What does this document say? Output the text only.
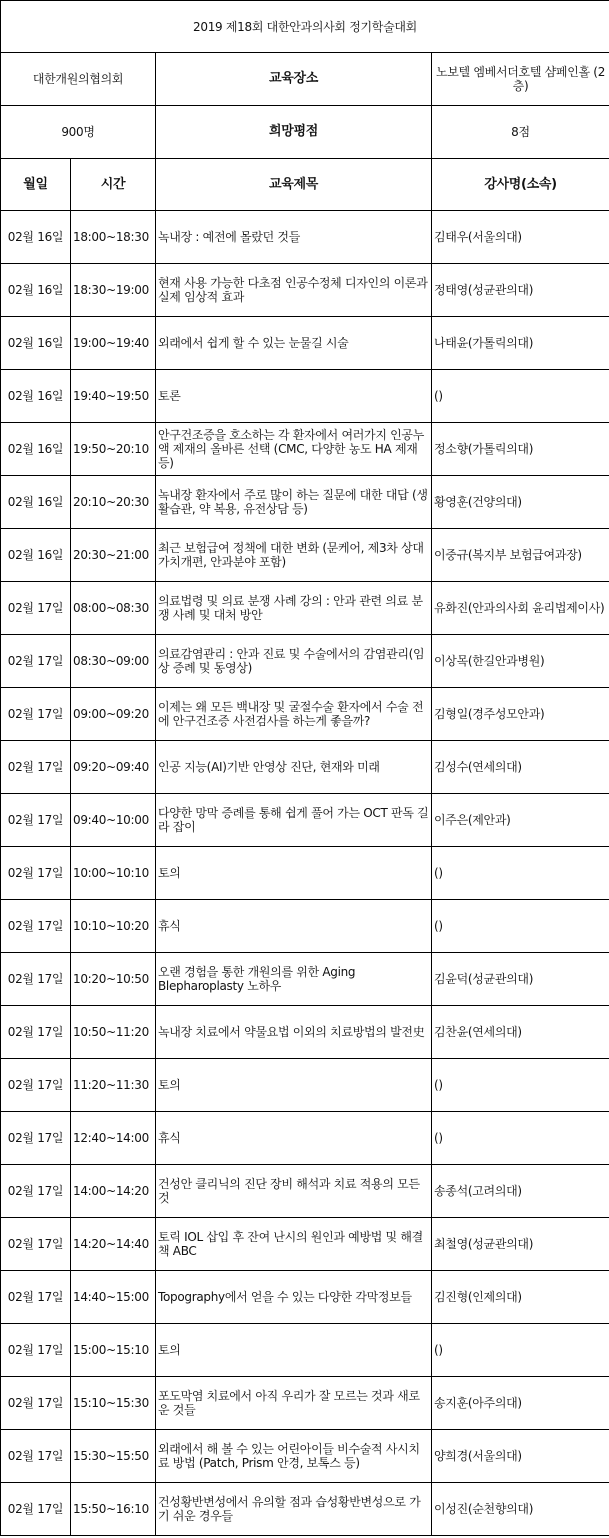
2019 제18회 대한안과의사회 정기학술대회			
대한개원의협의회		교육장소	노보텔 엠베서더호텔 샴페인홀 (2층)
900명		희망평점	8점
월일	시간	교육제목	강사명(소속)
02월 16일	18:00~18:30	녹내장 : 예전에 몰랐던 것들	김태우(서울의대)
02월 16일	18:30~19:00	현재 사용 가능한 다초점 인공수정체 디자인의 이론과 실제 임상적 효과	정태영(성균관의대)
02월 16일	19:00~19:40	외래에서 쉽게 할 수 있는 눈물길 시술	나태윤(가톨릭의대)
02월 16일	19:40~19:50	토론	()
02월 16일	19:50~20:10	안구건조증을 호소하는 각 환자에서 여러가지 인공누액 제재의 올바른 선택 (CMC, 다양한 농도 HA 제재 등)	정소향(가톨릭의대)
02월 16일	20:10~20:30	녹내장 환자에서 주로 많이 하는 질문에 대한 대답 (생활습관, 약 복용, 유전상담 등)	황영훈(건양의대)
02월 16일	20:30~21:00	최근 보험급여 정책에 대한 변화 (문케어, 제3차 상대가치개편, 안과분야 포함)	이중규(복지부 보험급여과장)
02월 17일	08:00~08:30	의료법령 및 의료 분쟁 사례 강의 : 안과 관련 의료 분쟁 사례 및 대처 방안	유화진(안과의사회 윤리법제이사)
02월 17일	08:30~09:00	의료감염관리 : 안과 진료 및 수술에서의 감염관리(임상 증례 및 동영상)	이상목(한길안과병원)
02월 17일	09:00~09:20	이제는 왜 모든 백내장 및 굴절수술 환자에서 수술 전에 안구건조증 사전검사를 하는게 좋을까?	김형일(경주성모안과)
02월 17일	09:20~09:40	인공 지능(AI)기반 안영상 진단, 현재와 미래	김성수(연세의대)
02월 17일	09:40~10:00	다양한 망막 증례를 통해 쉽게 풀어 가는 OCT 판독 길라 잡이	이주은(제안과)
02월 17일	10:00~10:10	토의	()
02월 17일	10:10~10:20	휴식	()
02월 17일	10:20~10:50	오랜 경험을 통한 개원의를 위한 Aging Blepharoplasty 노하우	김윤덕(성균관의대)
02월 17일	10:50~11:20	녹내장 치료에서 약물요법 이외의 치료방법의 발전史	김찬윤(연세의대)
02월 17일	11:20~11:30	토의	()
02월 17일	12:40~14:00	휴식	()
02월 17일	14:00~14:20	건성안 클리닉의 진단 장비 해석과 치료 적용의 모든 것	송종석(고려의대)
02월 17일	14:20~14:40	토릭 IOL 삽입 후 잔여 난시의 원인과 예방법 및 해결책 ABC	최철영(성균관의대)
02월 17일	14:40~15:00	Topography에서 얻을 수 있는 다양한 각막정보들	김진형(인제의대)
02월 17일	15:00~15:10	토의	()
02월 17일	15:10~15:30	포도막염 치료에서 아직 우리가 잘 모르는 것과 새로운 것들	송지훈(아주의대)
02월 17일	15:30~15:50	외래에서 해 볼 수 있는 어린아이들 비수술적 사시치료 방법 (Patch, Prism 안경, 보톡스 등)	양희경(서울의대)
02월 17일	15:50~16:10	건성황반변성에서 유의할 점과 습성황반변성으로 가기 쉬운 경우들	이성진(순천향의대)
